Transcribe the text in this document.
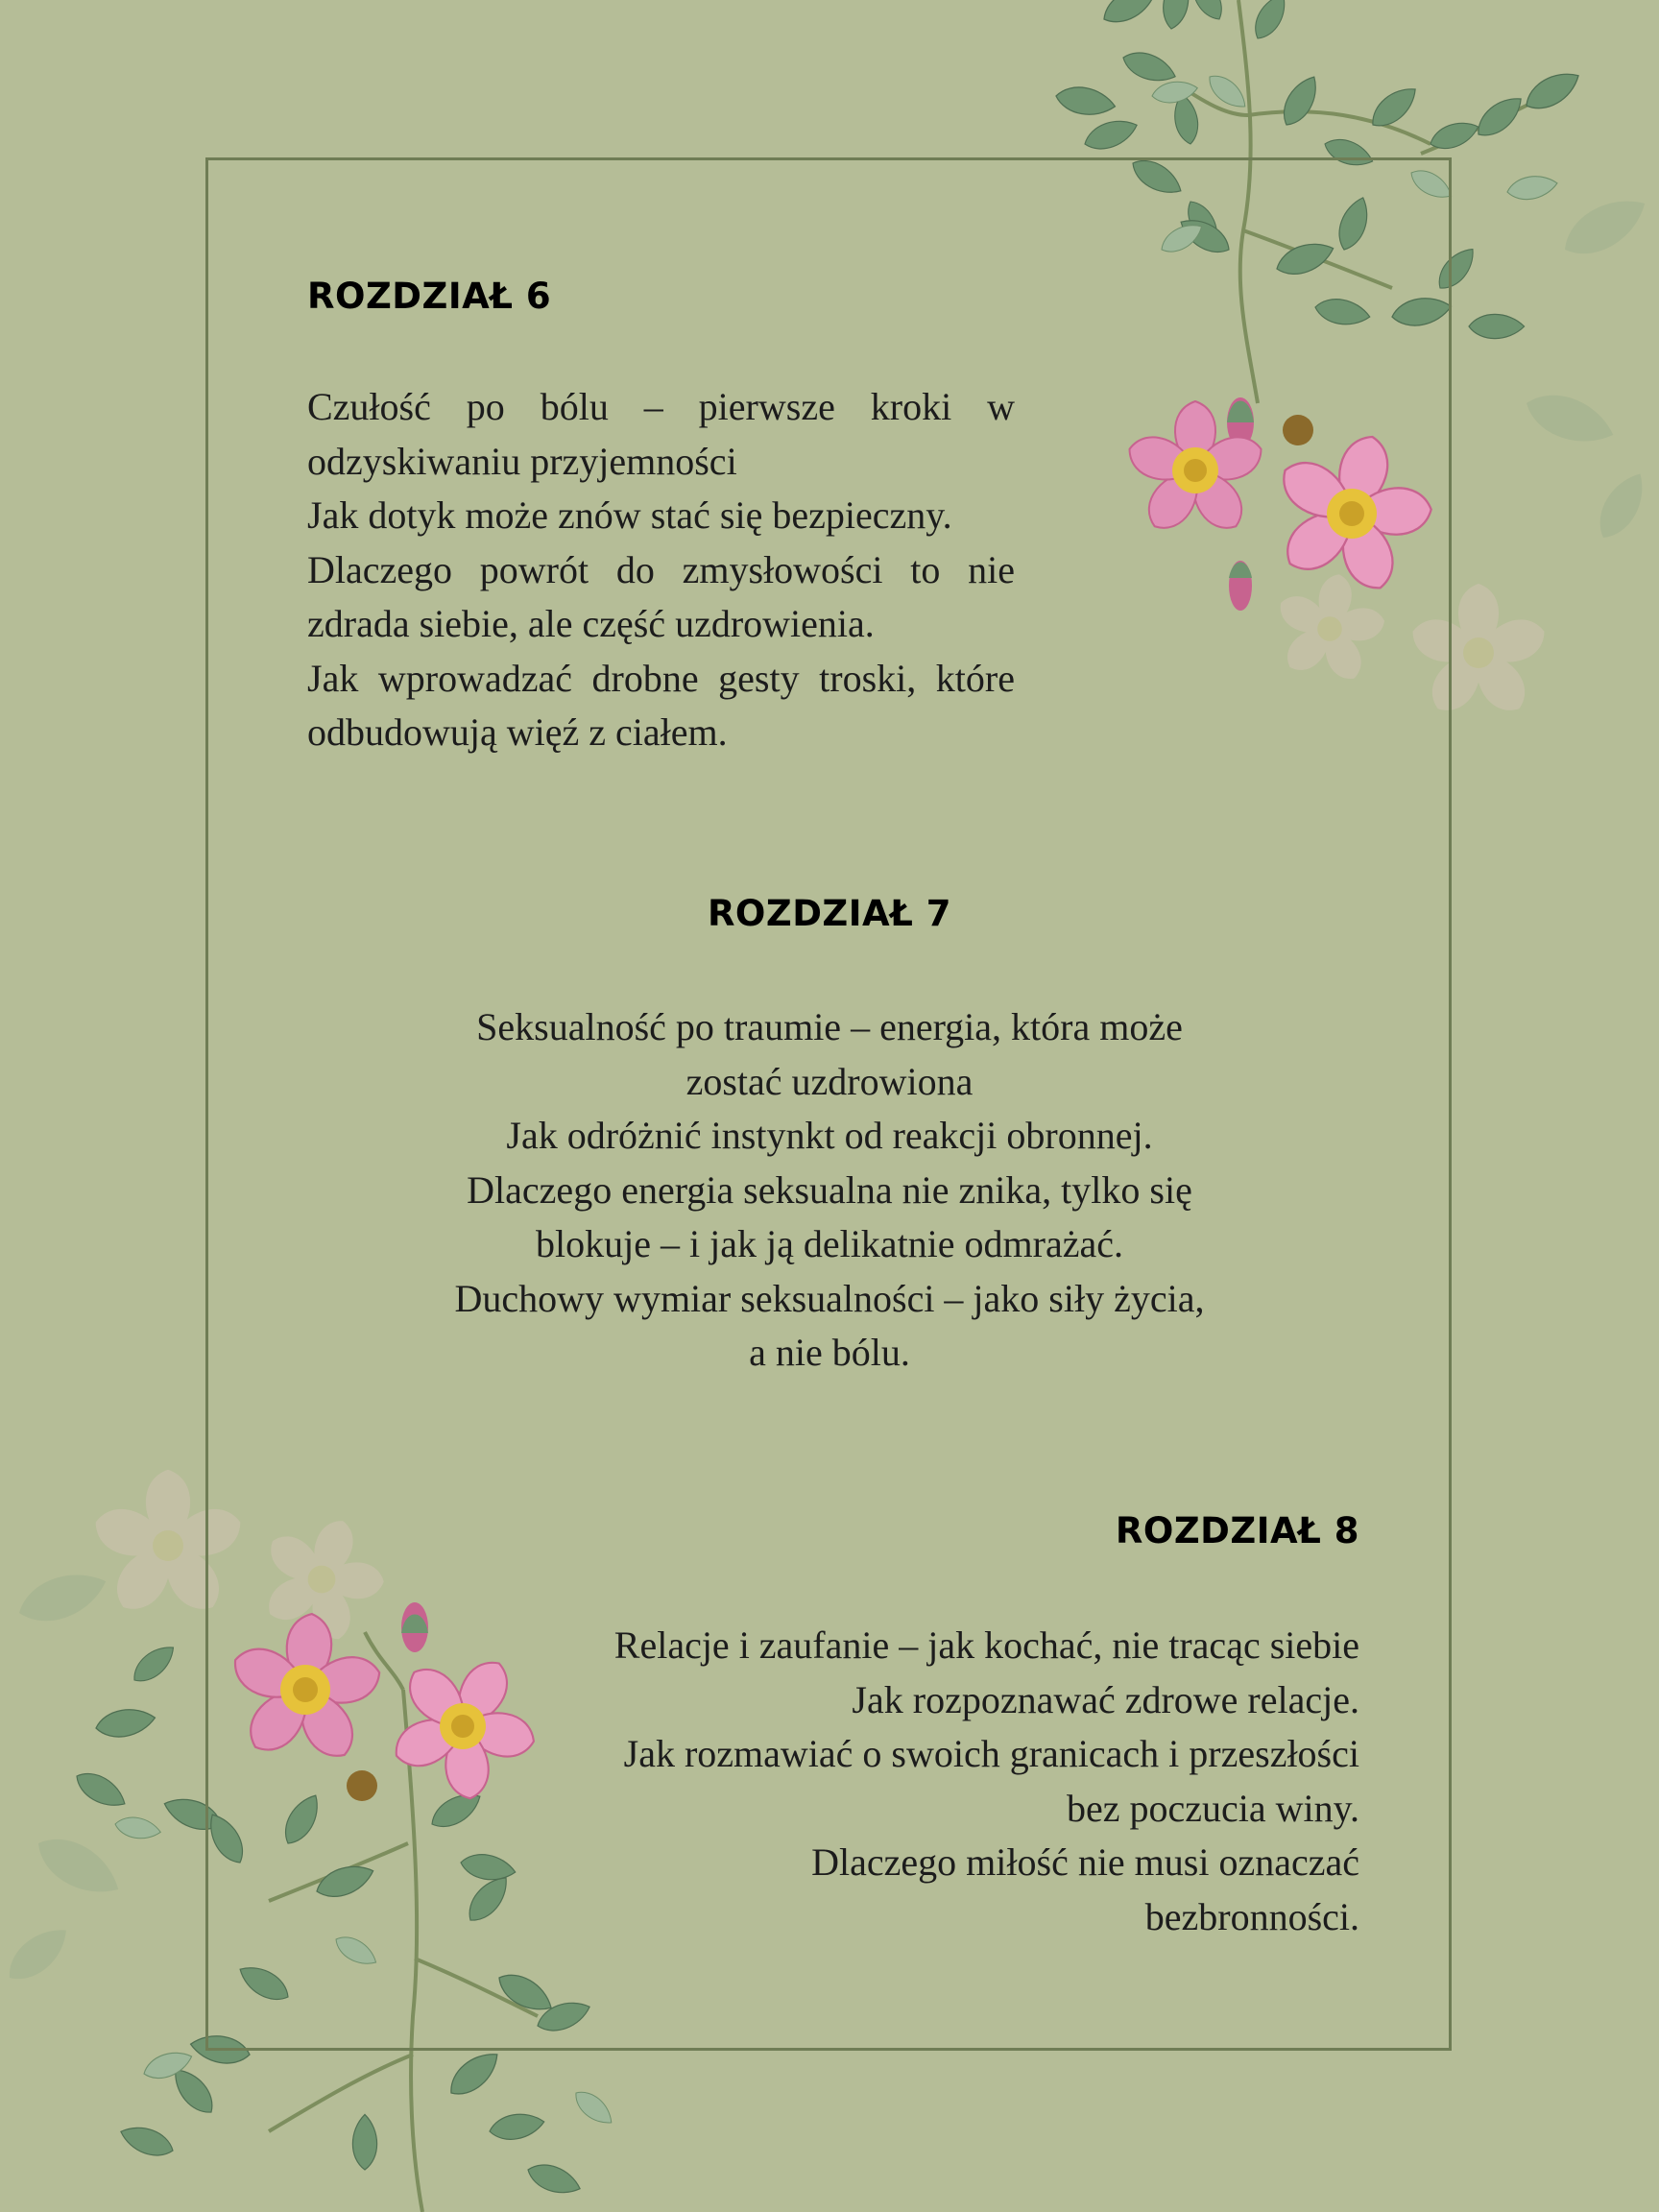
ROZDZIAŁ 6

Czułość po bólu – pierwsze kroki w odzyskiwaniu przyjemności
Jak dotyk może znów stać się bezpieczny.
Dlaczego powrót do zmysłowości to nie zdrada siebie, ale część uzdrowienia.
Jak wprowadzać drobne gesty troski, które odbudowują więź z ciałem.

ROZDZIAŁ 7

Seksualność po traumie – energia, która może
zostać uzdrowiona
Jak odróżnić instynkt od reakcji obronnej.
Dlaczego energia seksualna nie znika, tylko się
blokuje – i jak ją delikatnie odmrażać.
Duchowy wymiar seksualności – jako siły życia,
a nie bólu.

ROZDZIAŁ 8

Relacje i zaufanie – jak kochać, nie tracąc siebie
Jak rozpoznawać zdrowe relacje.
Jak rozmawiać o swoich granicach i przeszłości
bez poczucia winy.
Dlaczego miłość nie musi oznaczać
bezbronności.
